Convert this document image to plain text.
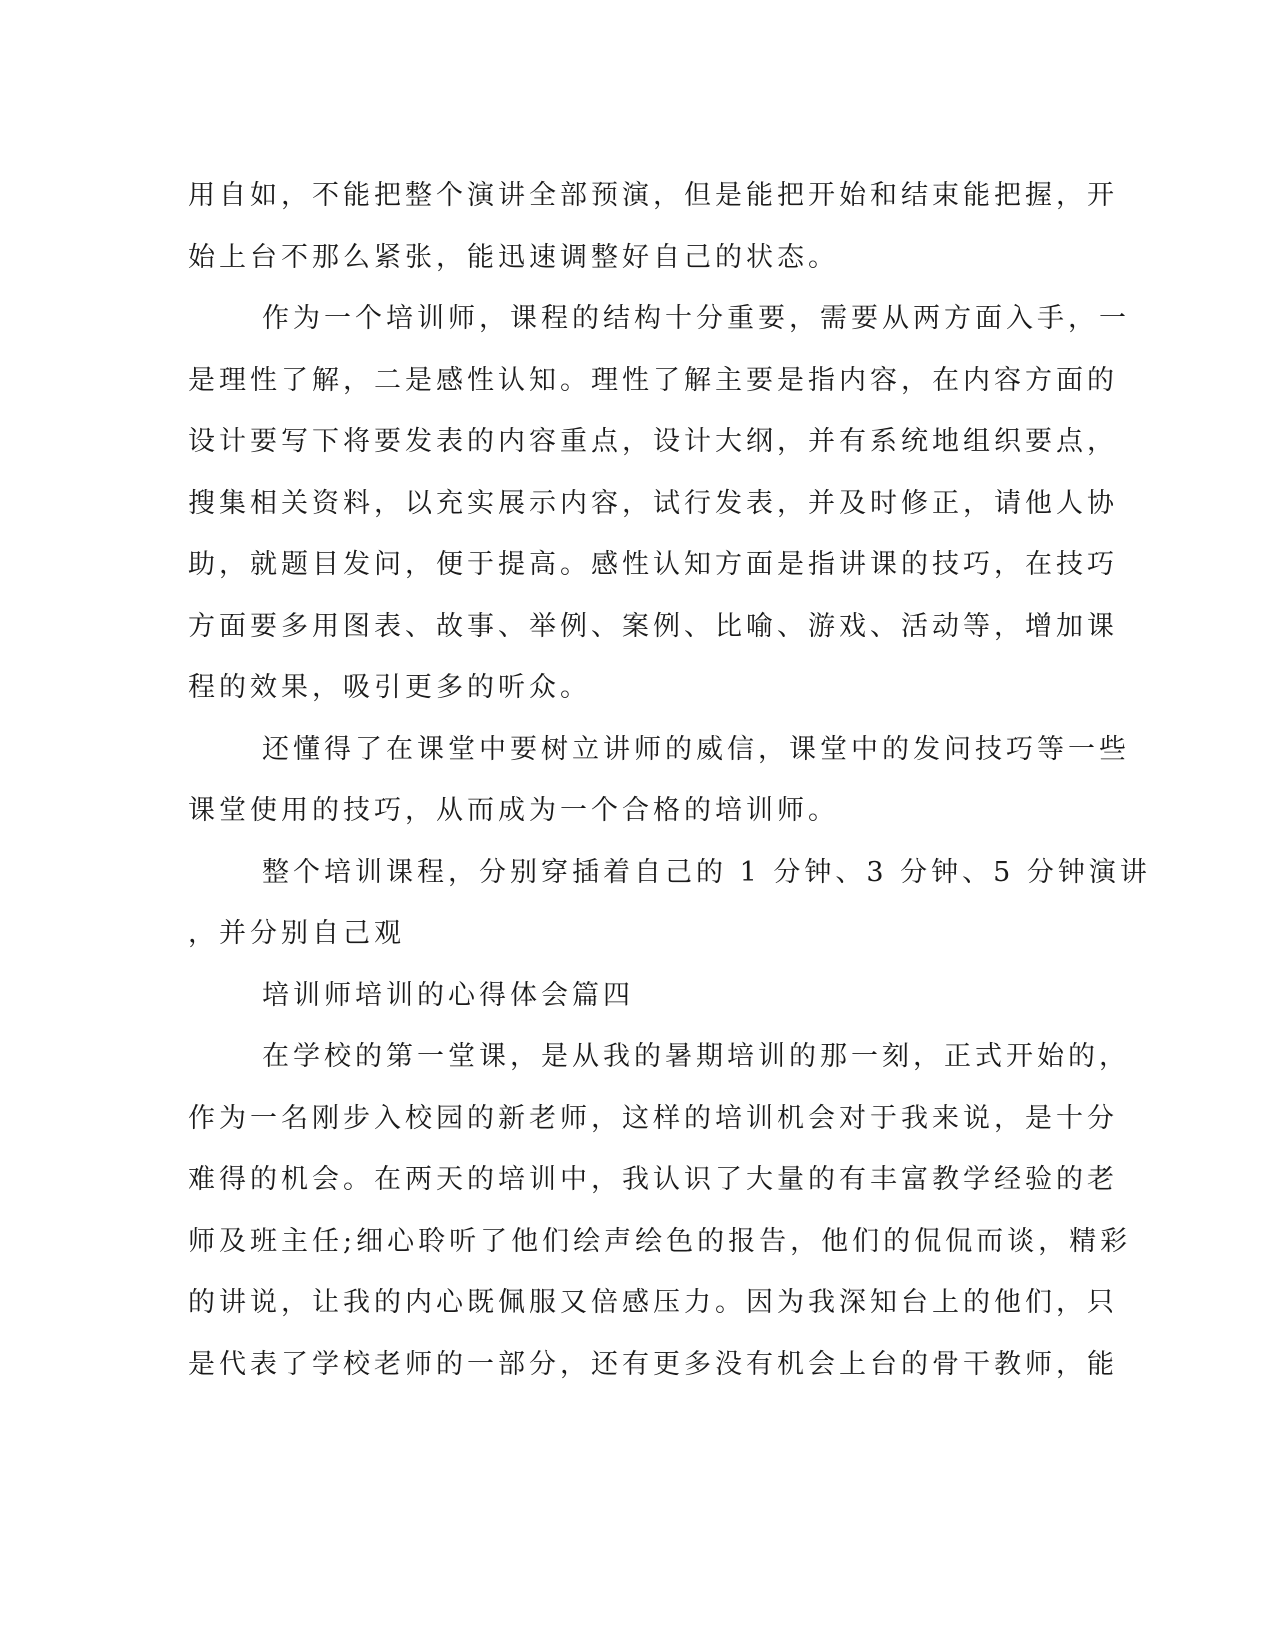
用自如，不能把整个演讲全部预演，但是能把开始和结束能把握，开
始上台不那么紧张，能迅速调整好自己的状态。
作为一个培训师，课程的结构十分重要，需要从两方面入手，一
是理性了解，二是感性认知。理性了解主要是指内容，在内容方面的
设计要写下将要发表的内容重点，设计大纲，并有系统地组织要点，
搜集相关资料，以充实展示内容，试行发表，并及时修正，请他人协
助，就题目发问，便于提高。感性认知方面是指讲课的技巧，在技巧
方面要多用图表、故事、举例、案例、比喻、游戏、活动等，增加课
程的效果，吸引更多的听众。
还懂得了在课堂中要树立讲师的威信，课堂中的发问技巧等一些
课堂使用的技巧，从而成为一个合格的培训师。
整个培训课程，分别穿插着自己的 1 分钟、3 分钟、5 分钟演讲
，并分别自己观
培训师培训的心得体会篇四
在学校的第一堂课，是从我的暑期培训的那一刻，正式开始的，
作为一名刚步入校园的新老师，这样的培训机会对于我来说，是十分
难得的机会。在两天的培训中，我认识了大量的有丰富教学经验的老
师及班主任;细心聆听了他们绘声绘色的报告，他们的侃侃而谈，精彩
的讲说，让我的内心既佩服又倍感压力。因为我深知台上的他们，只
是代表了学校老师的一部分，还有更多没有机会上台的骨干教师，能
